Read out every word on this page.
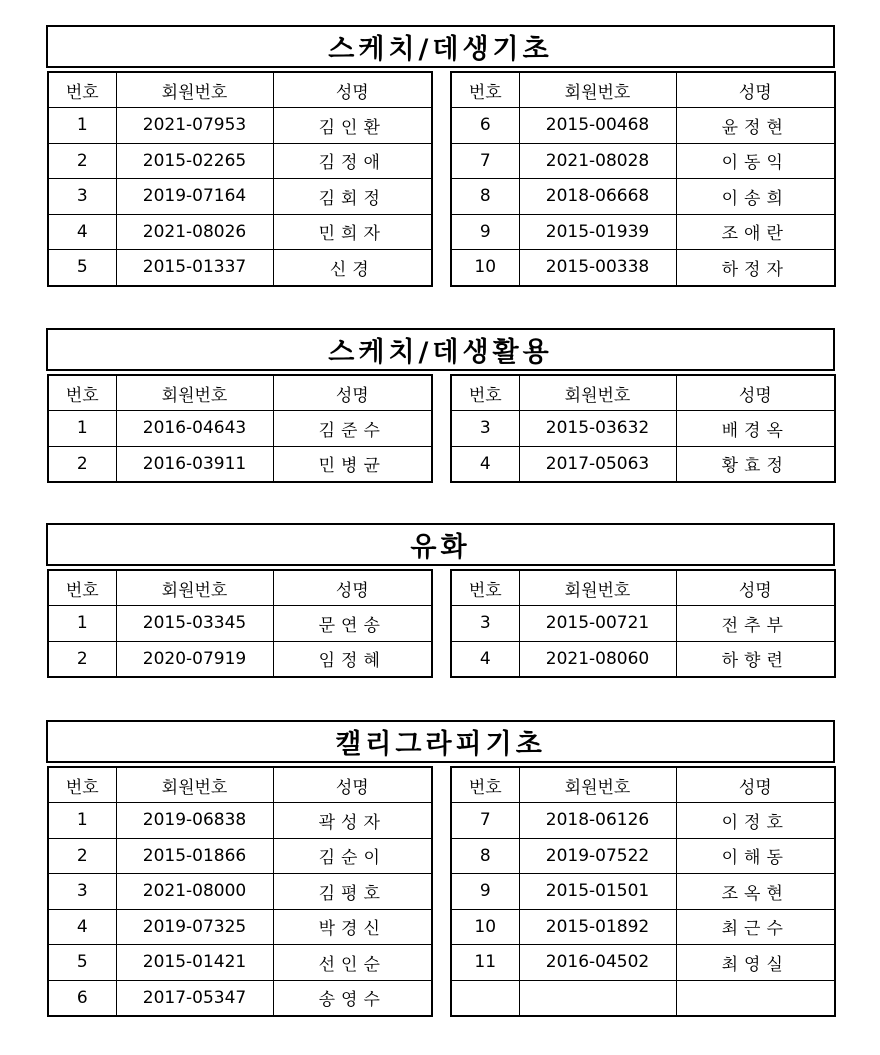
스케치/데생기초
번호	회원번호	성명
1	2021-07953	김인환
2	2015-02265	김정애
3	2019-07164	김회정
4	2021-08026	민희자
5	2015-01337	신경
번호	회원번호	성명
6	2015-00468	윤정현
7	2021-08028	이동익
8	2018-06668	이송희
9	2015-01939	조애란
10	2015-00338	하정자
스케치/데생활용
번호	회원번호	성명
1	2016-04643	김준수
2	2016-03911	민병균
번호	회원번호	성명
3	2015-03632	배경옥
4	2017-05063	황효정
유화
번호	회원번호	성명
1	2015-03345	문연송
2	2020-07919	임정혜
번호	회원번호	성명
3	2015-00721	전추부
4	2021-08060	하향련
캘리그라피기초
번호	회원번호	성명
1	2019-06838	곽성자
2	2015-01866	김순이
3	2021-08000	김평호
4	2019-07325	박경신
5	2015-01421	선인순
6	2017-05347	송영수
번호	회원번호	성명
7	2018-06126	이정호
8	2019-07522	이해동
9	2015-01501	조옥현
10	2015-01892	최근수
11	2016-04502	최영실
